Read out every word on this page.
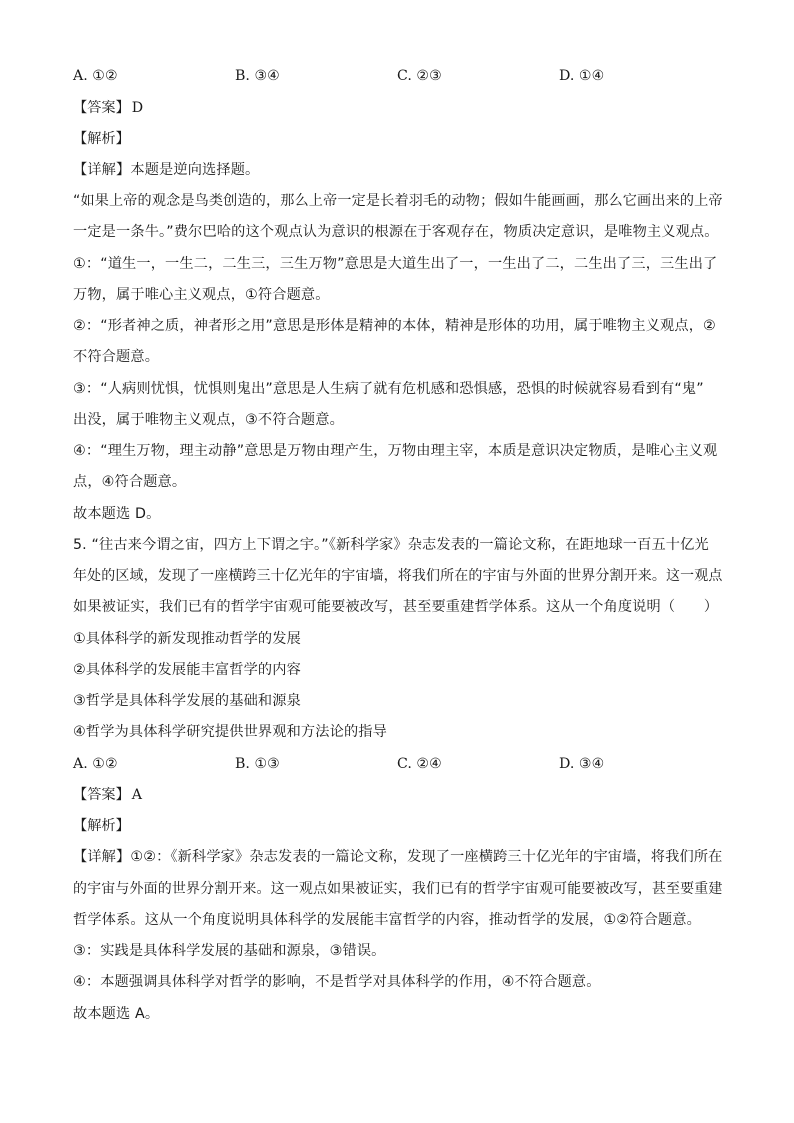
A. ①②	B. ③④	C. ②③	D. ①④
【答案】 D
【解析】
【详解】本题是逆向选择题。
“如果上帝的观念是鸟类创造的，那么上帝一定是长着羽毛的动物；假如牛能画画，那么它画出来的上帝
一定是一条牛。”费尔巴哈的这个观点认为意识的根源在于客观存在，物质决定意识，是唯物主义观点。
①：“道生一，一生二，二生三，三生万物”意思是大道生出了一，一生出了二，二生出了三，三生出了
万物，属于唯心主义观点，①符合题意。
②：“形者神之质，神者形之用”意思是形体是精神的本体，精神是形体的功用，属于唯物主义观点，②
不符合题意。
③：“人病则忧惧，忧惧则鬼出”意思是人生病了就有危机感和恐惧感，恐惧的时候就容易看到有“鬼”
出没，属于唯物主义观点，③不符合题意。
④：“理生万物，理主动静”意思是万物由理产生，万物由理主宰，本质是意识决定物质，是唯心主义观
点，④符合题意。
故本题选 D。
5. “往古来今谓之宙，四方上下谓之宇。”《新科学家》杂志发表的一篇论文称，在距地球一百五十亿光
年处的区域，发现了一座横跨三十亿光年的宇宙墙，将我们所在的宇宙与外面的世界分割开来。这一观点
如果被证实，我们已有的哲学宇宙观可能要被改写，甚至要重建哲学体系。这从一个角度说明（　　）
①具体科学的新发现推动哲学的发展
②具体科学的发展能丰富哲学的内容
③哲学是具体科学发展的基础和源泉
④哲学为具体科学研究提供世界观和方法论的指导
A. ①②	B. ①③	C. ②④	D. ③④
【答案】 A
【解析】
【详解】①②：《新科学家》杂志发表的一篇论文称，发现了一座横跨三十亿光年的宇宙墙，将我们所在
的宇宙与外面的世界分割开来。这一观点如果被证实，我们已有的哲学宇宙观可能要被改写，甚至要重建
哲学体系。这从一个角度说明具体科学的发展能丰富哲学的内容，推动哲学的发展，①②符合题意。
③：实践是具体科学发展的基础和源泉，③错误。
④：本题强调具体科学对哲学的影响，不是哲学对具体科学的作用，④不符合题意。
故本题选 A。
